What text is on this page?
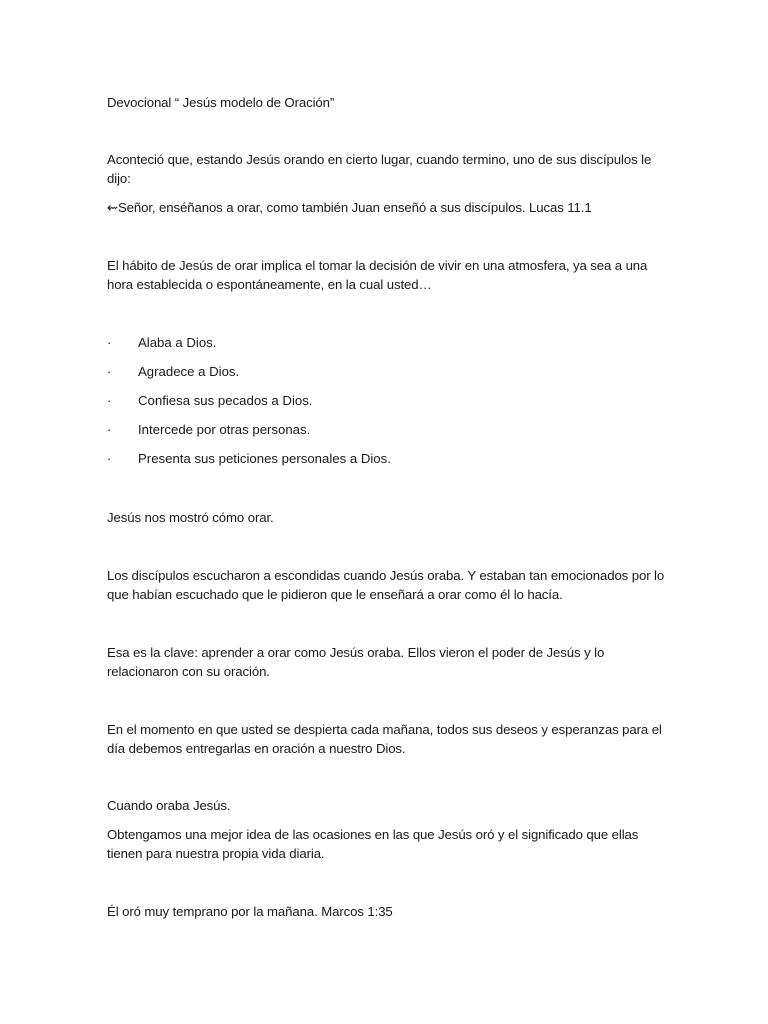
Devocional “ Jesús modelo de Oración”

Aconteció que, estando Jesús orando en cierto lugar, cuando termino, uno de sus discípulos le dijo:

⇜Señor, enséñanos a orar, como también Juan enseñó a sus discípulos. Lucas 11.1

El hábito de Jesús de orar implica el tomar la decisión de vivir en una atmosfera, ya sea a una hora establecida o espontáneamente, en la cual usted…

· Alaba a Dios.
· Agradece a Dios.
· Confiesa sus pecados a Dios.
· Intercede por otras personas.
· Presenta sus peticiones personales a Dios.

Jesús nos mostró cómo orar.

Los discípulos escucharon a escondidas cuando Jesús oraba. Y estaban tan emocionados por lo que habían escuchado que le pidieron que le enseñará a orar como él lo hacía.

Esa es la clave: aprender a orar como Jesús oraba. Ellos vieron el poder de Jesús y lo relacionaron con su oración.

En el momento en que usted se despierta cada mañana, todos sus deseos y esperanzas para el día debemos entregarlas en oración a nuestro Dios.

Cuando oraba Jesús.

Obtengamos una mejor idea de las ocasiones en las que Jesús oró y el significado que ellas tienen para nuestra propia vida diaria.

Él oró muy temprano por la mañana. Marcos 1:35
